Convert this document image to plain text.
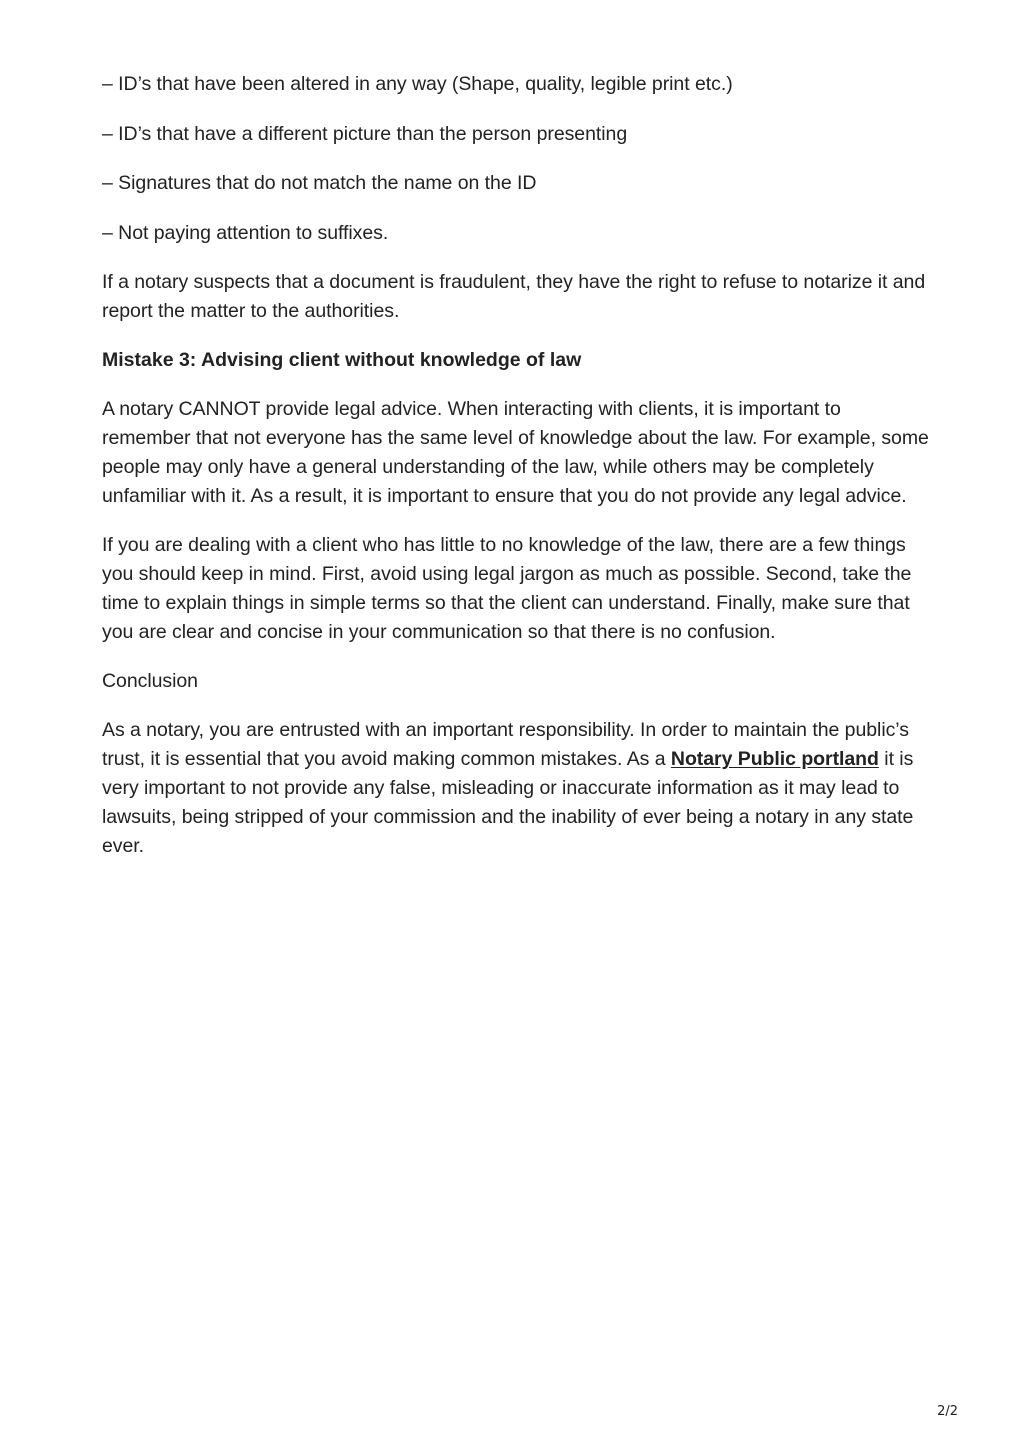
– ID’s that have been altered in any way (Shape, quality, legible print etc.)

– ID’s that have a different picture than the person presenting

– Signatures that do not match the name on the ID

– Not paying attention to suffixes.

If a notary suspects that a document is fraudulent, they have the right to refuse to notarize it and report the matter to the authorities.

Mistake 3: Advising client without knowledge of law

A notary CANNOT provide legal advice. When interacting with clients, it is important to remember that not everyone has the same level of knowledge about the law. For example, some people may only have a general understanding of the law, while others may be completely unfamiliar with it. As a result, it is important to ensure that you do not provide any legal advice.

If you are dealing with a client who has little to no knowledge of the law, there are a few things you should keep in mind. First, avoid using legal jargon as much as possible. Second, take the time to explain things in simple terms so that the client can understand. Finally, make sure that you are clear and concise in your communication so that there is no confusion.

Conclusion

As a notary, you are entrusted with an important responsibility. In order to maintain the public’s trust, it is essential that you avoid making common mistakes. As a Notary Public portland it is very important to not provide any false, misleading or inaccurate information as it may lead to lawsuits, being stripped of your commission and the inability of ever being a notary in any state ever.

2/2
